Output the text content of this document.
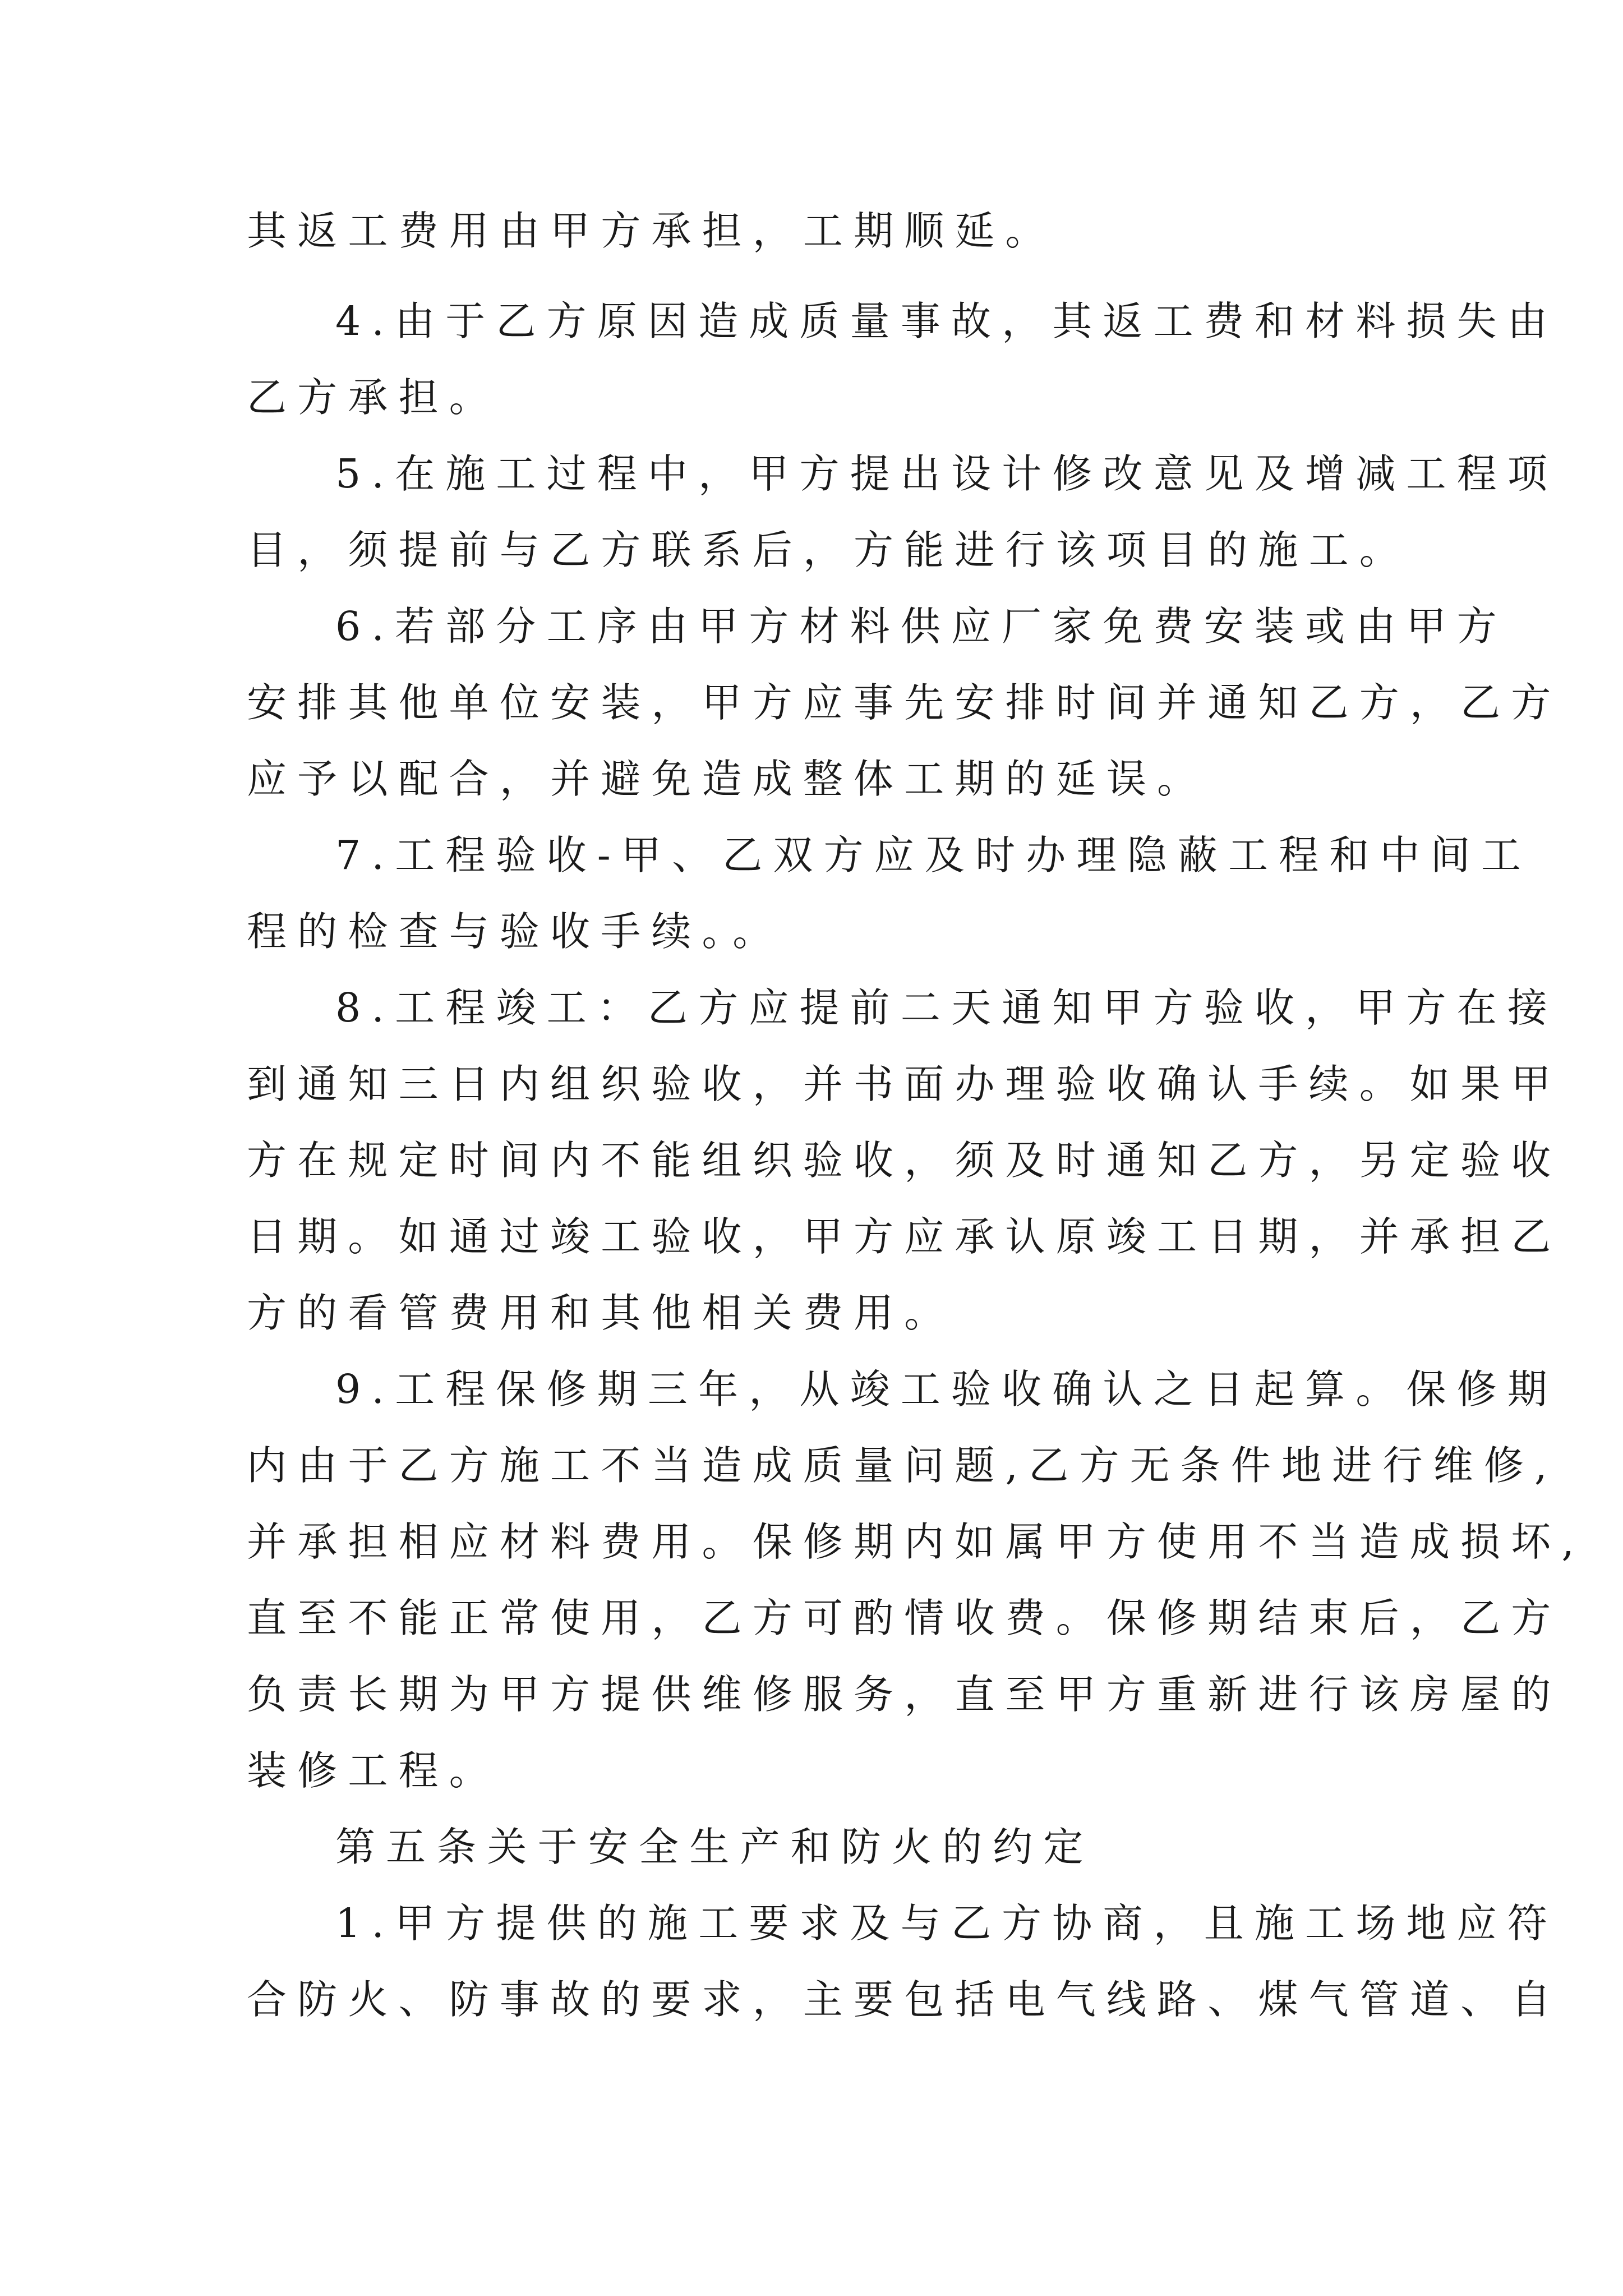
其返工费用由甲方承担，工期顺延。
4.由于乙方原因造成质量事故，其返工费和材料损失由
乙方承担。
5.在施工过程中，甲方提出设计修改意见及增减工程项
目，须提前与乙方联系后，方能进行该项目的施工。
6.若部分工序由甲方材料供应厂家免费安装或由甲方
安排其他单位安装，甲方应事先安排时间并通知乙方，乙方
应予以配合，并避免造成整体工期的延误。
7.工程验收-甲、乙双方应及时办理隐蔽工程和中间工
程的检查与验收手续。。
8.工程竣工：乙方应提前二天通知甲方验收，甲方在接
到通知三日内组织验收，并书面办理验收确认手续。如果甲
方在规定时间内不能组织验收，须及时通知乙方，另定验收
日期。如通过竣工验收，甲方应承认原竣工日期，并承担乙
方的看管费用和其他相关费用。
9.工程保修期三年，从竣工验收确认之日起算。保修期
内由于乙方施工不当造成质量问题,乙方无条件地进行维修,
并承担相应材料费用。保修期内如属甲方使用不当造成损坏,
直至不能正常使用，乙方可酌情收费。保修期结束后，乙方
负责长期为甲方提供维修服务，直至甲方重新进行该房屋的
装修工程。
第五条关于安全生产和防火的约定
1.甲方提供的施工要求及与乙方协商，且施工场地应符
合防火、防事故的要求，主要包括电气线路、煤气管道、自
